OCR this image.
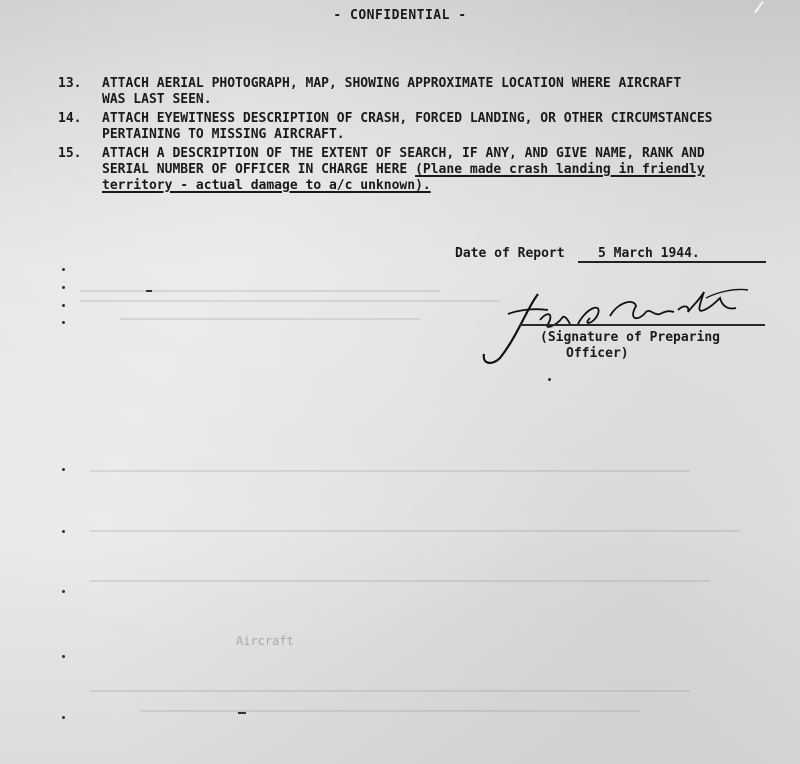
Aircraft
- CONFIDENTIAL -
13.	ATTACH AERIAL PHOTOGRAPH, MAP, SHOWING APPROXIMATE LOCATION WHERE AIRCRAFT
WAS LAST SEEN.
14.	ATTACH EYEWITNESS DESCRIPTION OF CRASH, FORCED LANDING, OR OTHER CIRCUMSTANCES
PERTAINING TO MISSING AIRCRAFT.
15.	ATTACH A DESCRIPTION OF THE EXTENT OF SEARCH, IF ANY, AND GIVE NAME, RANK AND
SERIAL NUMBER OF OFFICER IN CHARGE HERE (Plane made crash landing in friendly
territory - actual damage to a/c unknown).
Date of Report	5 March 1944.
(Signature of Preparing
Officer)
